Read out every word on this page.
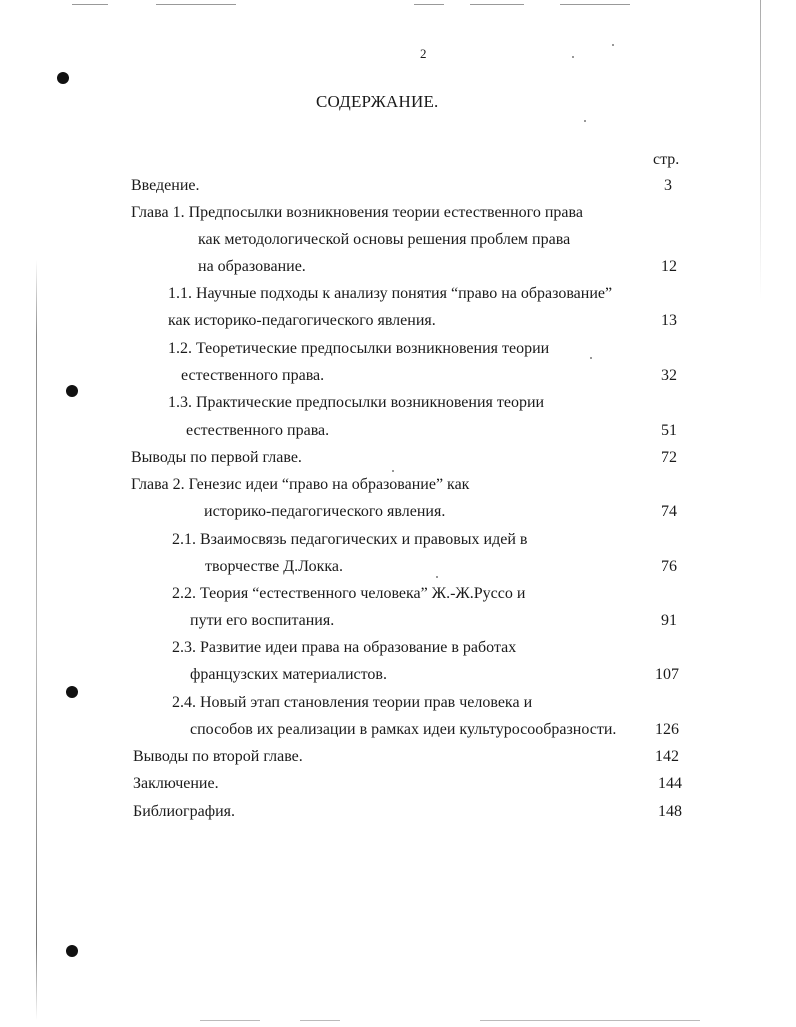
2
СОДЕРЖАНИЕ.
стр.
Введение.	3
Глава 1. Предпосылки возникновения теории естественного права
как методологической основы решения проблем права
на образование.	12
1.1. Научные подходы к анализу понятия “право на образование”
как историко-педагогического явления.	13
1.2. Теоретические предпосылки возникновения теории
естественного права.	32
1.3. Практические предпосылки возникновения теории
естественного права.	51
Выводы по первой главе.	72
Глава 2. Генезис идеи “право на образование” как
историко-педагогического явления.	74
2.1. Взаимосвязь педагогических и правовых идей в
творчестве Д.Локка.	76
2.2. Теория “естественного человека” Ж.-Ж.Руссо и
пути его воспитания.	91
2.3. Развитие идеи права на образование в работах
французских материалистов.	107
2.4. Новый этап становления теории прав человека и
способов их реализации в рамках идеи культуросообразности. 126
Выводы по второй главе.	142
Заключение.	144
Библиография.	148
